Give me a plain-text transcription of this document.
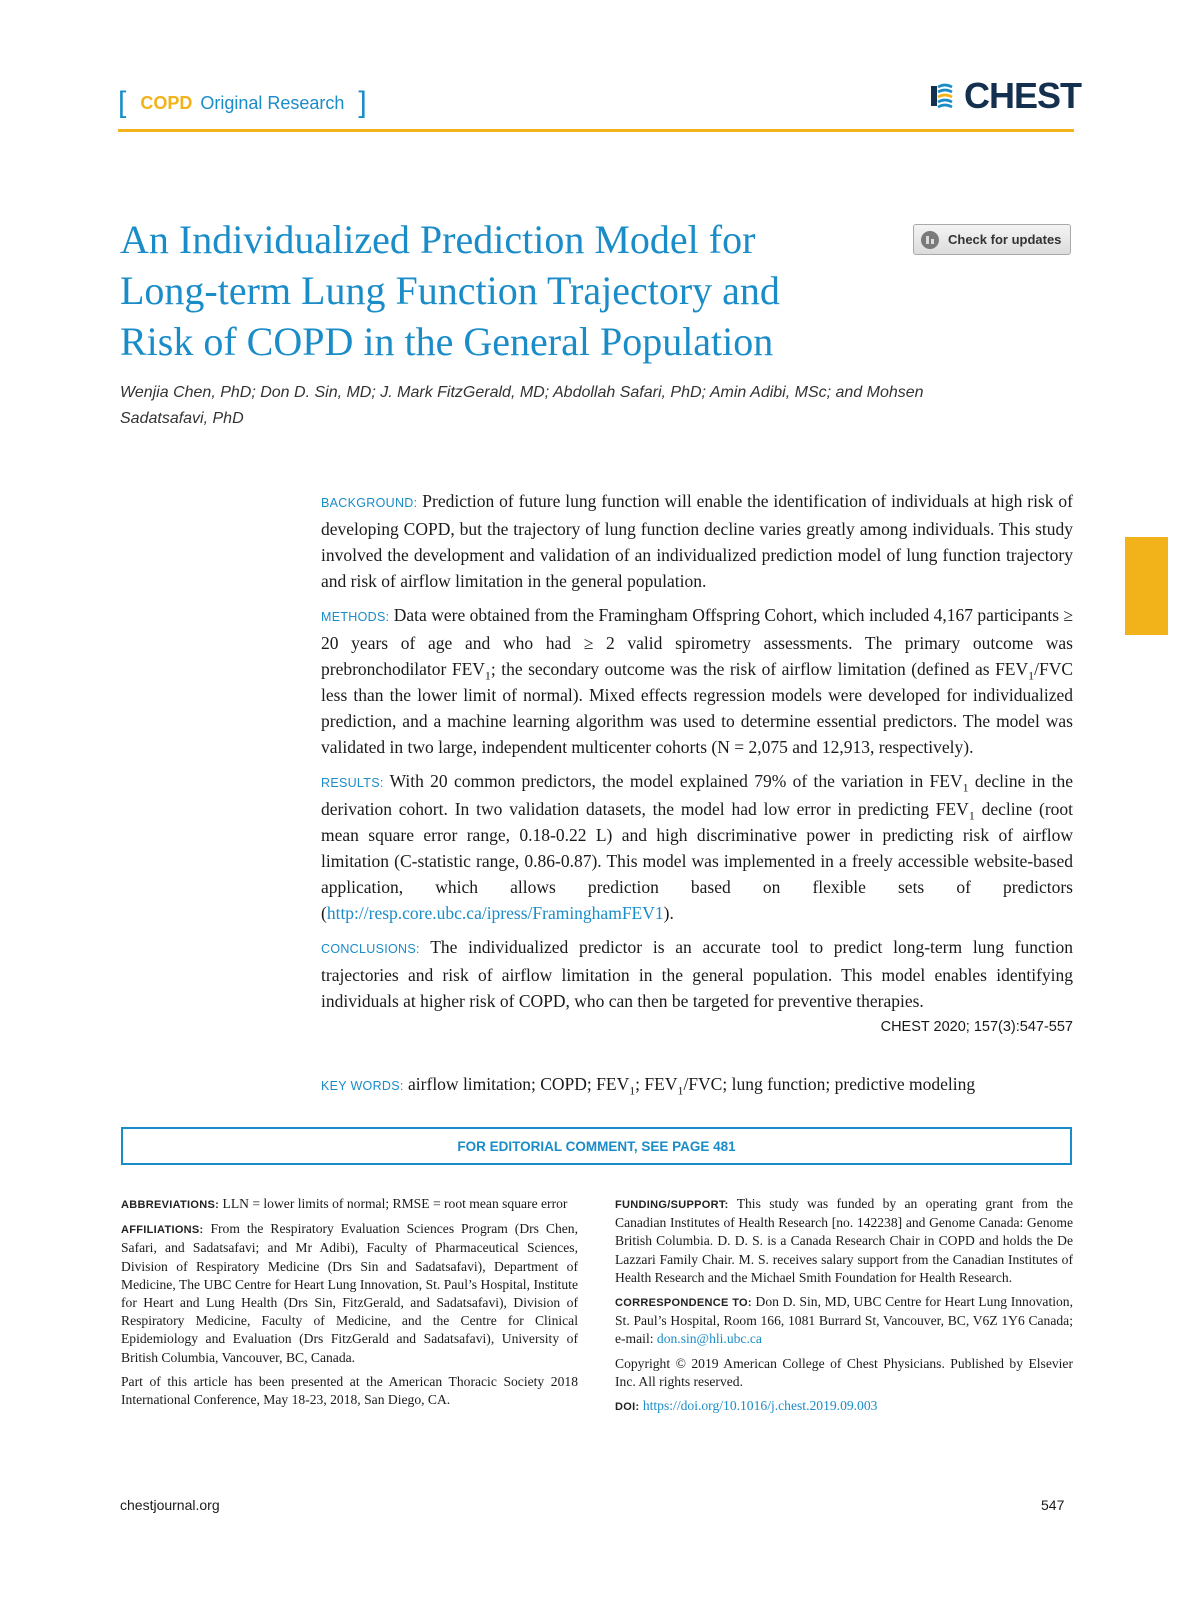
[ COPD Original Research ]	CHEST
An Individualized Prediction Model for
Long-term Lung Function Trajectory and
Risk of COPD in the General Population
Check for updates
Wenjia Chen, PhD; Don D. Sin, MD; J. Mark FitzGerald, MD; Abdollah Safari, PhD; Amin Adibi, MSc; and Mohsen Sadatsafavi, PhD

BACKGROUND: Prediction of future lung function will enable the identification of individuals at high risk of developing COPD, but the trajectory of lung function decline varies greatly among individuals. This study involved the development and validation of an individualized prediction model of lung function trajectory and risk of airflow limitation in the general population.

METHODS: Data were obtained from the Framingham Offspring Cohort, which included 4,167 participants ≥ 20 years of age and who had ≥ 2 valid spirometry assessments. The primary outcome was prebronchodilator $FEV_1$; the secondary outcome was the risk of airflow limitation (defined as $FEV_1$/FVC less than the lower limit of normal). Mixed effects regression models were developed for individualized prediction, and a machine learning algorithm was used to determine essential predictors. The model was validated in two large, independent multicenter cohorts (N = 2,075 and 12,913, respectively).

RESULTS: With 20 common predictors, the model explained 79% of the variation in $FEV_1$ decline in the derivation cohort. In two validation datasets, the model had low error in predicting $FEV_1$ decline (root mean square error range, 0.18-0.22 L) and high discriminative power in predicting risk of airflow limitation (C-statistic range, 0.86-0.87). This model was implemented in a freely accessible website-based application, which allows prediction based on flexible sets of predictors (http://resp.core.ubc.ca/ipress/FraminghamFEV1).

CONCLUSIONS: The individualized predictor is an accurate tool to predict long-term lung function trajectories and risk of airflow limitation in the general population. This model enables identifying individuals at higher risk of COPD, who can then be targeted for preventive therapies.

CHEST 2020; 157(3):547-557
KEY WORDS: airflow limitation; COPD; $FEV_1$; $FEV_1$/FVC; lung function; predictive modeling
FOR EDITORIAL COMMENT, SEE PAGE 481

ABBREVIATIONS: LLN = lower limits of normal; RMSE = root mean square error

AFFILIATIONS: From the Respiratory Evaluation Sciences Program (Drs Chen, Safari, and Sadatsafavi; and Mr Adibi), Faculty of Pharmaceutical Sciences, Division of Respiratory Medicine (Drs Sin and Sadatsafavi), Department of Medicine, The UBC Centre for Heart Lung Innovation, St. Paul’s Hospital, Institute for Heart and Lung Health (Drs Sin, FitzGerald, and Sadatsafavi), Division of Respiratory Medicine, Faculty of Medicine, and the Centre for Clinical Epidemiology and Evaluation (Drs FitzGerald and Sadatsafavi), University of British Columbia, Vancouver, BC, Canada.

Part of this article has been presented at the American Thoracic Society 2018 International Conference, May 18-23, 2018, San Diego, CA.

FUNDING/SUPPORT: This study was funded by an operating grant from the Canadian Institutes of Health Research [no. 142238] and Genome Canada: Genome British Columbia. D. D. S. is a Canada Research Chair in COPD and holds the De Lazzari Family Chair. M. S. receives salary support from the Canadian Institutes of Health Research and the Michael Smith Foundation for Health Research.

CORRESPONDENCE TO: Don D. Sin, MD, UBC Centre for Heart Lung Innovation, St. Paul’s Hospital, Room 166, 1081 Burrard St, Vancouver, BC, V6Z 1Y6 Canada; e-mail: don.sin@hli.ubc.ca

Copyright © 2019 American College of Chest Physicians. Published by Elsevier Inc. All rights reserved.

DOI: https://doi.org/10.1016/j.chest.2019.09.003

chestjournal.org	547
